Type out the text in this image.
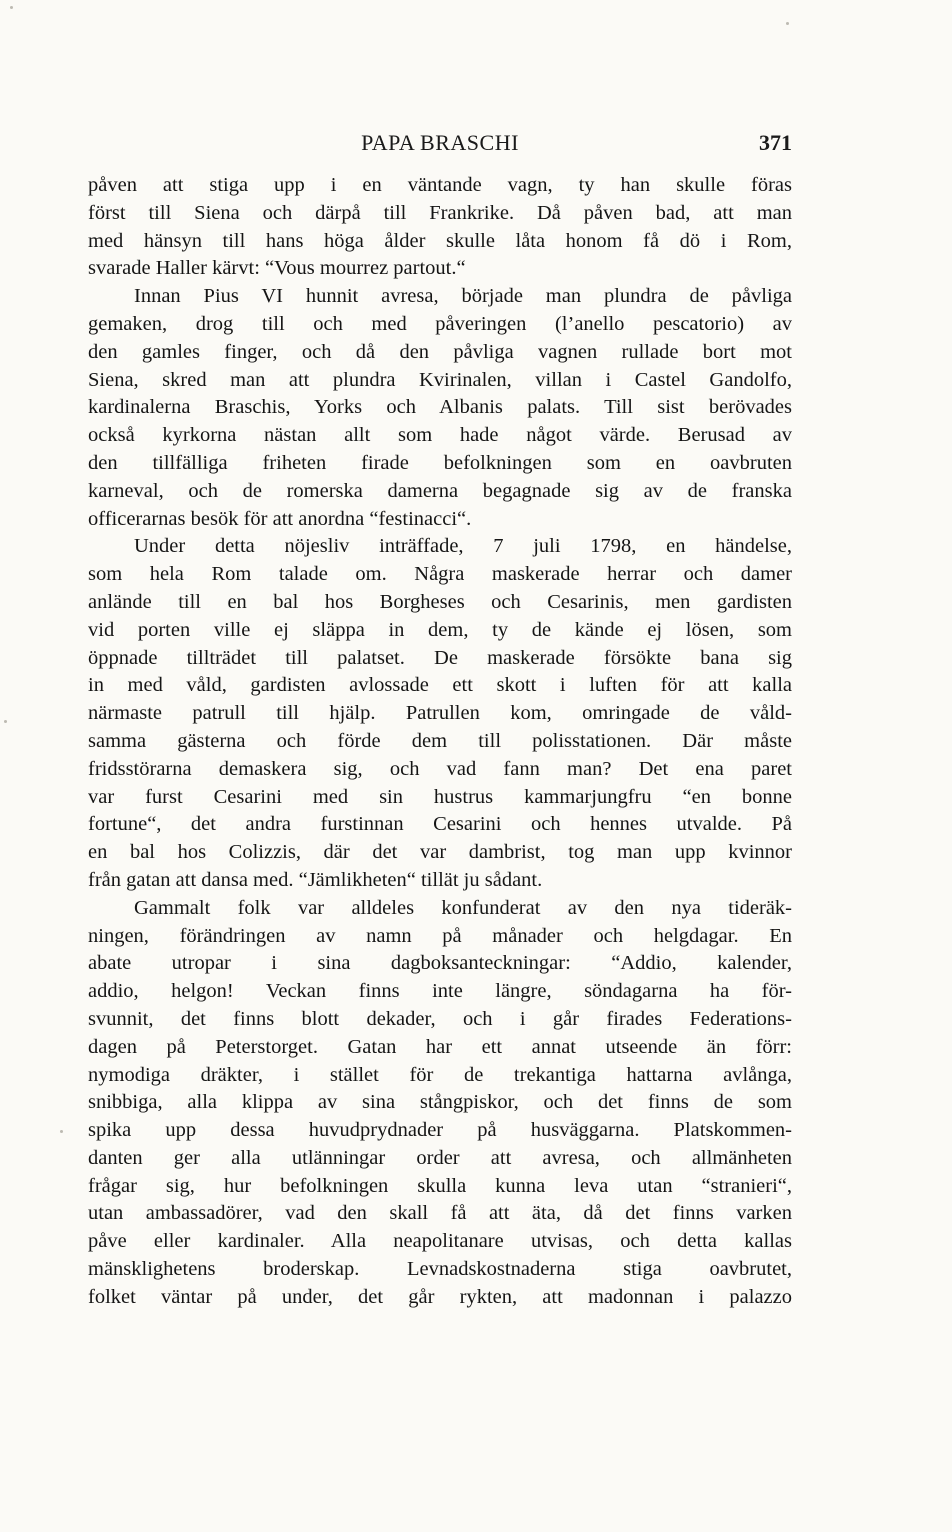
PAPA BRASCHI	371

påven att stiga upp i en väntande vagn, ty han skulle föras
först till Siena och därpå till Frankrike. Då påven bad, att man
med hänsyn till hans höga ålder skulle låta honom få dö i Rom,
svarade Haller kärvt: “Vous mourrez partout.“

Innan Pius VI hunnit avresa, började man plundra de påvliga
gemaken, drog till och med påveringen (l’anello pescatorio) av
den gamles finger, och då den påvliga vagnen rullade bort mot
Siena, skred man att plundra Kvirinalen, villan i Castel Gandolfo,
kardinalerna Braschis, Yorks och Albanis palats. Till sist berövades
också kyrkorna nästan allt som hade något värde. Berusad av
den tillfälliga friheten firade befolkningen som en oavbruten
karneval, och de romerska damerna begagnade sig av de franska
officerarnas besök för att anordna “festinacci“.

Under detta nöjesliv inträffade, 7 juli 1798, en händelse,
som hela Rom talade om. Några maskerade herrar och damer
anlände till en bal hos Borgheses och Cesarinis, men gardisten
vid porten ville ej släppa in dem, ty de kände ej lösen, som
öppnade tillträdet till palatset. De maskerade försökte bana sig
in med våld, gardisten avlossade ett skott i luften för att kalla
närmaste patrull till hjälp. Patrullen kom, omringade de våld-
samma gästerna och förde dem till polisstationen. Där måste
fridsstörarna demaskera sig, och vad fann man? Det ena paret
var furst Cesarini med sin hustrus kammarjungfru “en bonne
fortune“, det andra furstinnan Cesarini och hennes utvalde. På
en bal hos Colizzis, där det var dambrist, tog man upp kvinnor
från gatan att dansa med. “Jämlikheten“ tillät ju sådant.

Gammalt folk var alldeles konfunderat av den nya tideräk-
ningen, förändringen av namn på månader och helgdagar. En
abate utropar i sina dagboksanteckningar: “Addio, kalender,
addio, helgon! Veckan finns inte längre, söndagarna ha för-
svunnit, det finns blott dekader, och i går firades Federations-
dagen på Peterstorget. Gatan har ett annat utseende än förr:
nymodiga dräkter, i stället för de trekantiga hattarna avlånga,
snibbiga, alla klippa av sina stångpiskor, och det finns de som
spika upp dessa huvudprydnader på husväggarna. Platskommen-
danten ger alla utlänningar order att avresa, och allmänheten
frågar sig, hur befolkningen skulla kunna leva utan “stranieri“,
utan ambassadörer, vad den skall få att äta, då det finns varken
påve eller kardinaler. Alla neapolitanare utvisas, och detta kallas
mänsklighetens broderskap. Levnadskostnaderna stiga oavbrutet,
folket väntar på under, det går rykten, att madonnan i palazzo
